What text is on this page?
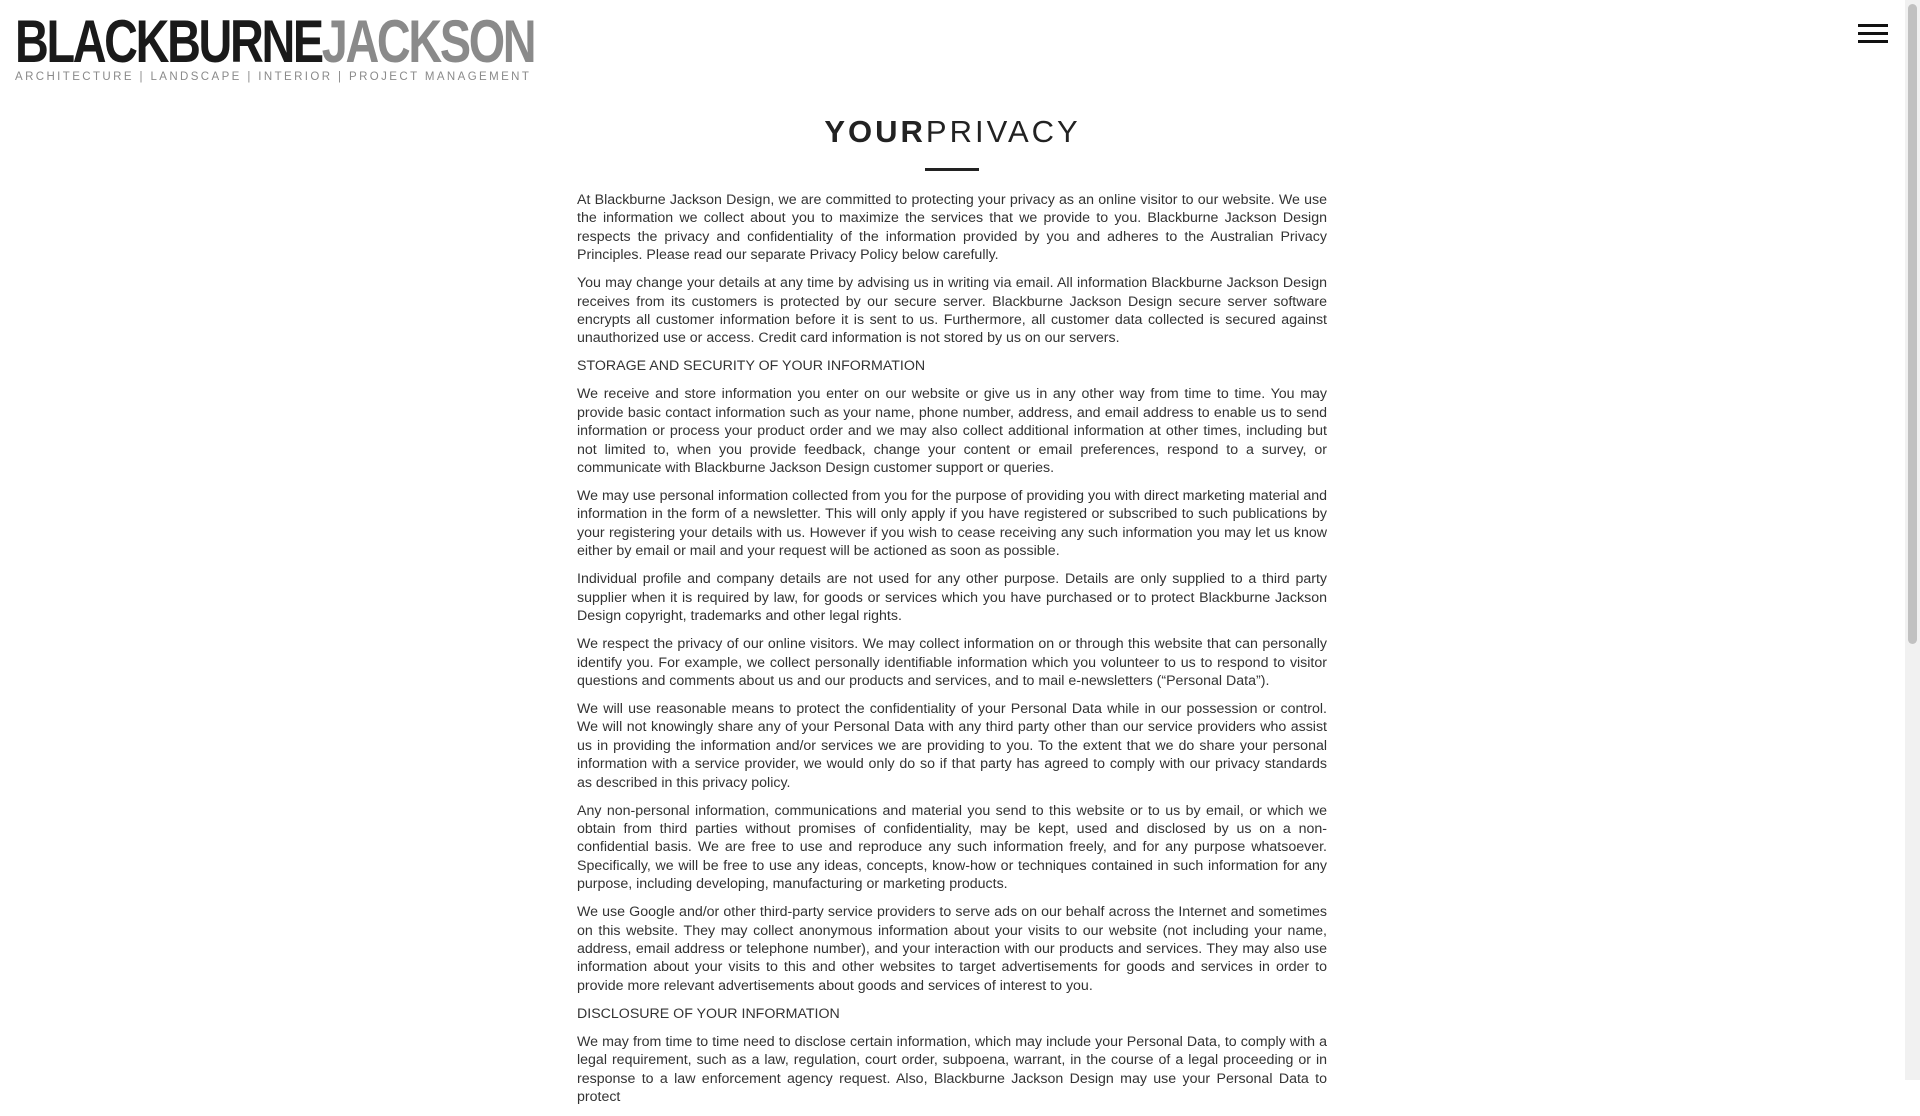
BLACKBURNEJACKSON
ARCHITECTURE | LANDSCAPE | INTERIOR | PROJECT MANAGEMENT
YOURPRIVACY

At Blackburne Jackson Design, we are committed to protecting your privacy as an online visitor to our website. We use the information we collect about you to maximize the services that we provide to you. Blackburne Jackson Design respects the privacy and confidentiality of the information provided by you and adheres to the Australian Privacy Principles. Please read our separate Privacy Policy below carefully.

You may change your details at any time by advising us in writing via email. All information Blackburne Jackson Design receives from its customers is protected by our secure server. Blackburne Jackson Design secure server software encrypts all customer information before it is sent to us. Furthermore, all customer data collected is secured against unauthorized use or access. Credit card information is not stored by us on our servers.

STORAGE AND SECURITY OF YOUR INFORMATION

We receive and store information you enter on our website or give us in any other way from time to time. You may provide basic contact information such as your name, phone number, address, and email address to enable us to send information or process your product order and we may also collect additional information at other times, including but not limited to, when you provide feedback, change your content or email preferences, respond to a survey, or communicate with Blackburne Jackson Design customer support or queries.

We may use personal information collected from you for the purpose of providing you with direct marketing material and information in the form of a newsletter. This will only apply if you have registered or subscribed to such publications by your registering your details with us. However if you wish to cease receiving any such information you may let us know either by email or mail and your request will be actioned as soon as possible.

Individual profile and company details are not used for any other purpose. Details are only supplied to a third party supplier when it is required by law, for goods or services which you have purchased or to protect Blackburne Jackson Design copyright, trademarks and other legal rights.

We respect the privacy of our online visitors. We may collect information on or through this website that can personally identify you. For example, we collect personally identifiable information which you volunteer to us to respond to visitor questions and comments about us and our products and services, and to mail e-newsletters (“Personal Data”).

We will use reasonable means to protect the confidentiality of your Personal Data while in our possession or control. We will not knowingly share any of your Personal Data with any third party other than our service providers who assist us in providing the information and/or services we are providing to you. To the extent that we do share your personal information with a service provider, we would only do so if that party has agreed to comply with our privacy standards as described in this privacy policy.

Any non-personal information, communications and material you send to this website or to us by email, or which we obtain from third parties without promises of confidentiality, may be kept, used and disclosed by us on a non-confidential basis. We are free to use and reproduce any such information freely, and for any purpose whatsoever. Specifically, we will be free to use any ideas, concepts, know-how or techniques contained in such information for any purpose, including developing, manufacturing or marketing products.

We use Google and/or other third-party service providers to serve ads on our behalf across the Internet and sometimes on this website. They may collect anonymous information about your visits to our website (not including your name, address, email address or telephone number), and your interaction with our products and services. They may also use information about your visits to this and other websites to target advertisements for goods and services in order to provide more relevant advertisements about goods and services of interest to you.

DISCLOSURE OF YOUR INFORMATION

We may from time to time need to disclose certain information, which may include your Personal Data, to comply with a legal requirement, such as a law, regulation, court order, subpoena, warrant, in the course of a legal proceeding or in response to a law enforcement agency request. Also, Blackburne Jackson Design may use your Personal Data to protect
